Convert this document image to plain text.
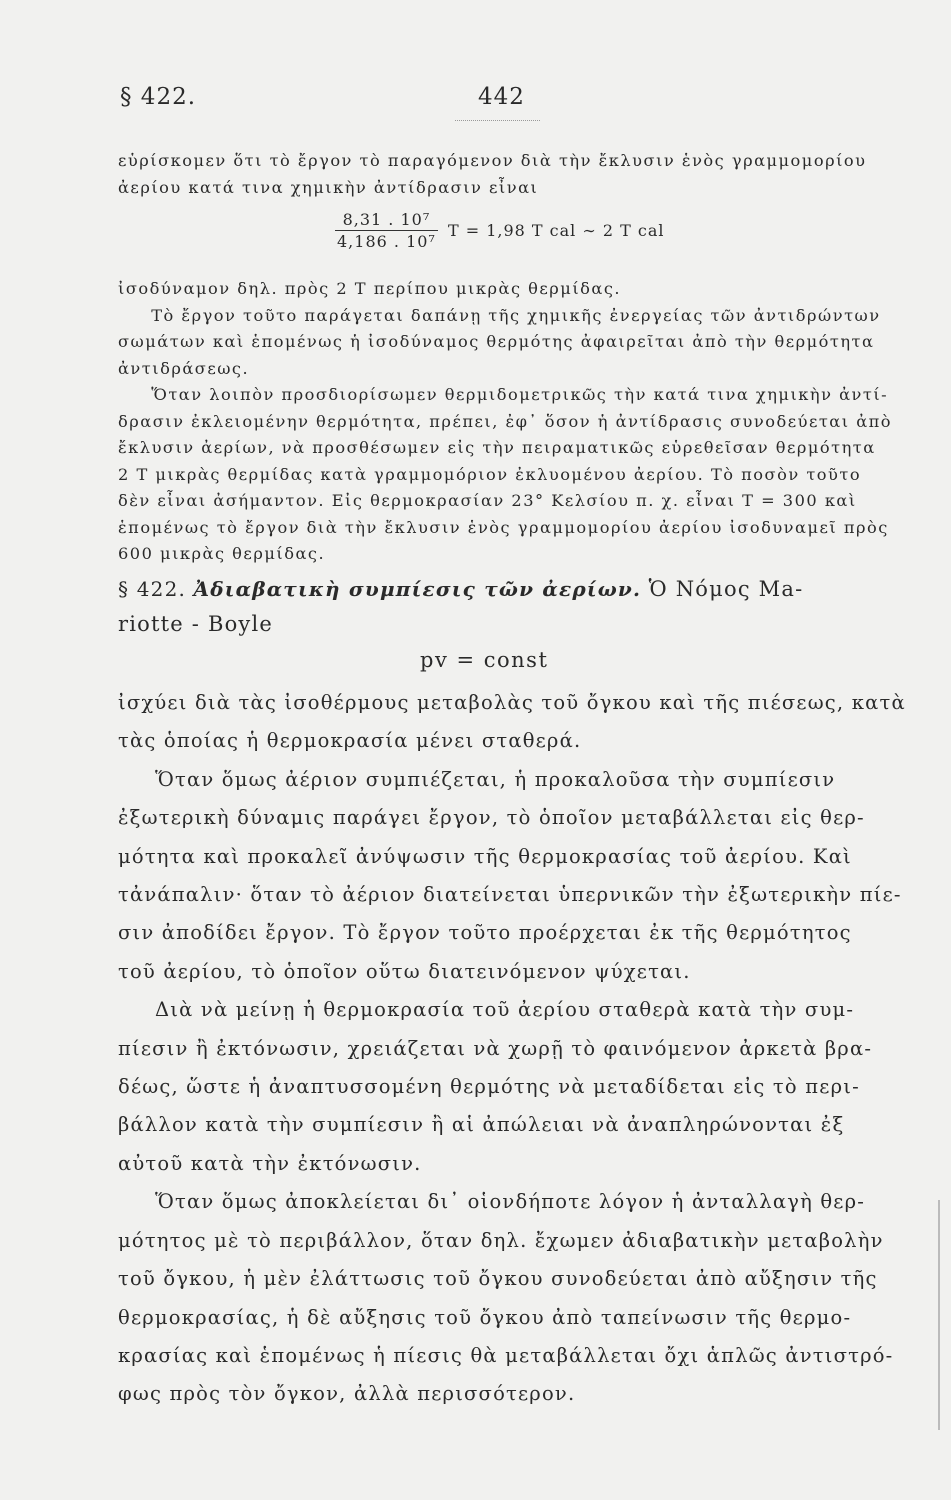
§ 422.	442

εὑρίσκομεν ὅτι τὸ ἔργον τὸ παραγόμενον διὰ τὴν ἔκλυσιν ἑνὸς γραμμομορίου

ἀερίου κατά τινα χημικὴν ἀντίδρασιν εἶναι

$\frac{\text{8,31 . 10⁷}}{\text{4,186 . 10⁷}}$ T = 1,98 T cal ∼ 2 T cal

ἰσοδύναμον δηλ. πρὸς 2 T περίπου μικρὰς θερμίδας.

Τὸ ἔργον τοῦτο παράγεται δαπάνῃ τῆς χημικῆς ἐνεργείας τῶν ἀντιδρώντων

σωμάτων καὶ ἑπομένως ἡ ἰσοδύναμος θερμότης ἀφαιρεῖται ἀπὸ τὴν θερμότητα

ἀντιδράσεως.

Ὅταν λοιπὸν προσδιορίσωμεν θερμιδομετρικῶς τὴν κατά τινα χημικὴν ἀντί-

δρασιν ἐκλειομένην θερμότητα, πρέπει, ἐφ᾿ ὅσον ἡ ἀντίδρασις συνοδεύεται ἀπὸ

ἔκλυσιν ἀερίων, νὰ προσθέσωμεν εἰς τὴν πειραματικῶς εὑρεθεῖσαν θερμότητα

2 T μικρὰς θερμίδας κατὰ γραμμομόριον ἐκλυομένου ἀερίου. Τὸ ποσὸν τοῦτο

δὲν εἶναι ἀσήμαντον. Εἰς θερμοκρασίαν 23° Κελσίου π. χ. εἶναι T = 300 καὶ

ἑπομένως τὸ ἔργον διὰ τὴν ἔκλυσιν ἑνὸς γραμμομορίου ἀερίου ἰσοδυναμεῖ πρὸς

600 μικρὰς θερμίδας.

§ 422. Ἀδιαβατικὴ συμπίεσις τῶν ἀερίων. Ὁ Νόμος Ma-

riotte - Boyle

pv = const

ἰσχύει διὰ τὰς ἰσοθέρμους μεταβολὰς τοῦ ὄγκου καὶ τῆς πιέσεως, κατὰ

τὰς ὁποίας ἡ θερμοκρασία μένει σταθερά.

Ὅταν ὅμως ἀέριον συμπιέζεται, ἡ προκαλοῦσα τὴν συμπίεσιν

ἐξωτερικὴ δύναμις παράγει ἔργον, τὸ ὁποῖον μεταβάλλεται εἰς θερ-

μότητα καὶ προκαλεῖ ἀνύψωσιν τῆς θερμοκρασίας τοῦ ἀερίου. Καὶ

τἀνάπαλιν· ὅταν τὸ ἀέριον διατείνεται ὑπερνικῶν τὴν ἐξωτερικὴν πίε-

σιν ἀποδίδει ἔργον. Τὸ ἔργον τοῦτο προέρχεται ἐκ τῆς θερμότητος

τοῦ ἀερίου, τὸ ὁποῖον οὕτω διατεινόμενον ψύχεται.

Διὰ νὰ μείνῃ ἡ θερμοκρασία τοῦ ἀερίου σταθερὰ κατὰ τὴν συμ-

πίεσιν ἢ ἐκτόνωσιν, χρειάζεται νὰ χωρῇ τὸ φαινόμενον ἀρκετὰ βρα-

δέως, ὥστε ἡ ἀναπτυσσομένη θερμότης νὰ μεταδίδεται εἰς τὸ περι-

βάλλον κατὰ τὴν συμπίεσιν ἢ αἱ ἀπώλειαι νὰ ἀναπληρώνονται ἐξ

αὐτοῦ κατὰ τὴν ἐκτόνωσιν.

Ὅταν ὅμως ἀποκλείεται δι᾿ οἱονδήποτε λόγον ἡ ἀνταλλαγὴ θερ-

μότητος μὲ τὸ περιβάλλον, ὅταν δηλ. ἔχωμεν ἀδιαβατικὴν μεταβολὴν

τοῦ ὄγκου, ἡ μὲν ἐλάττωσις τοῦ ὄγκου συνοδεύεται ἀπὸ αὔξησιν τῆς

θερμοκρασίας, ἡ δὲ αὔξησις τοῦ ὄγκου ἀπὸ ταπείνωσιν τῆς θερμο-

κρασίας καὶ ἑπομένως ἡ πίεσις θὰ μεταβάλλεται ὄχι ἁπλῶς ἀντιστρό-

φως πρὸς τὸν ὄγκον, ἀλλὰ περισσότερον.
